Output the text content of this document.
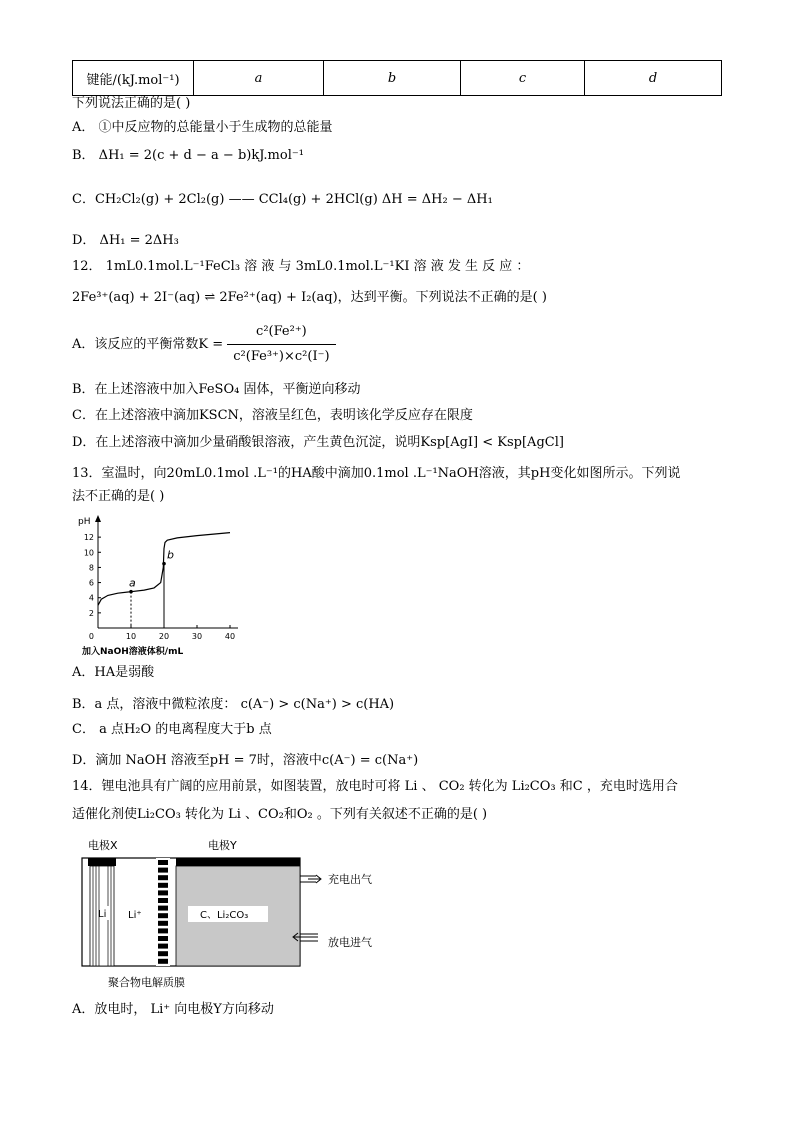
键能/(kJ.mol⁻¹)	a	b	c	d
下列说法正确的是( )
A． ①中反应物的总能量小于生成物的总能量
B． ΔH₁ = 2(c + d − a − b)kJ.mol⁻¹
C．CH₂Cl₂(g) + 2Cl₂(g) —— CCl₄(g) + 2HCl(g) ΔH = ΔH₂ − ΔH₁
D． ΔH₁ = 2ΔH₃
12． 1mL0.1mol.L⁻¹FeCl₃ 溶 液 与 3mL0.1mol.L⁻¹KI 溶 液 发 生 反 应 ：
2Fe³⁺(aq) + 2I⁻(aq) ⇌ 2Fe²⁺(aq) + I₂(aq)，达到平衡。下列说法不正确的是( )
A．该反应的平衡常数$K = \frac{\text{c²(Fe²⁺)}}{\text{c²(Fe³⁺)×c²(I⁻)}}$
B．在上述溶液中加入FeSO₄ 固体，平衡逆向移动
C．在上述溶液中滴加KSCN，溶液呈红色，表明该化学反应存在限度
D．在上述溶液中滴加少量硝酸银溶液，产生黄色沉淀，说明Ksp[AgI] < Ksp[AgCl]
13．室温时，向20mL0.1mol .L⁻¹的HA酸中滴加0.1mol .L⁻¹NaOH溶液，其pH变化如图所示。下列说
法不正确的是( )
pH
0
2
4
6
8
10
12
10	20	30	40
加入NaOH溶液体积/mL
a
b
A．HA是弱酸
B．a 点，溶液中微粒浓度： c(A⁻) > c(Na⁺) > c(HA)
C． a 点H₂O 的电离程度大于b 点
D．滴加 NaOH 溶液至pH = 7时，溶液中c(A⁻) = c(Na⁺)
14．锂电池具有广阔的应用前景，如图装置，放电时可将 Li 、 CO₂ 转化为 Li₂CO₃ 和C ，充电时选用合
适催化剂使Li₂CO₃ 转化为 Li 、CO₂和O₂ 。下列有关叙述不正确的是( )
电极X	电极Y
Li Li⁺	C、Li₂CO₃
充电出气
放电进气
聚合物电解质膜
A．放电时， Li⁺ 向电极Y方向移动
